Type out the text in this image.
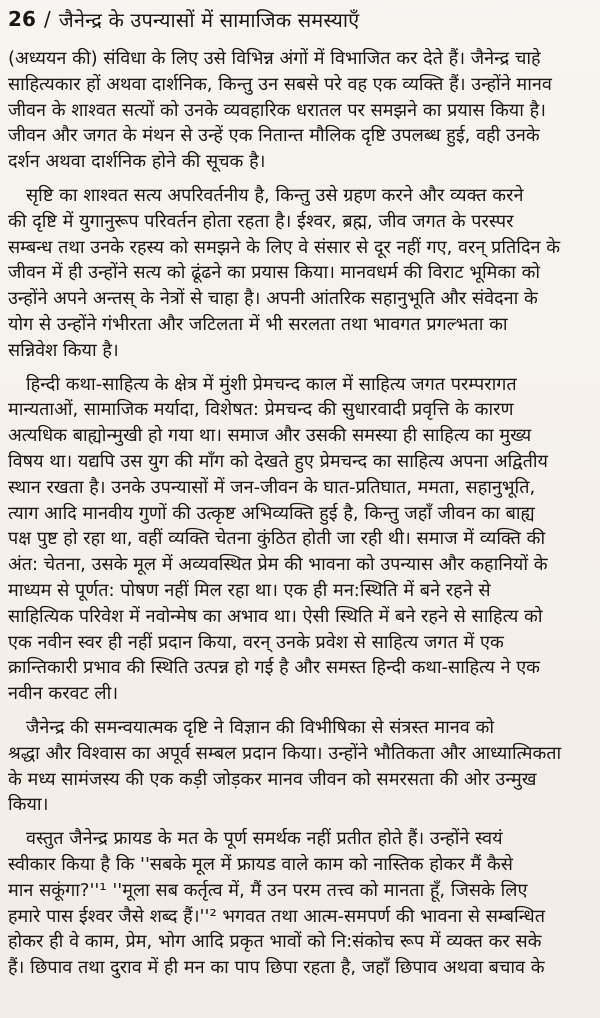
26 / जैनेन्द्र के उपन्यासों में सामाजिक समस्याएँ
(अध्ययन की) संविधा के लिए उसे विभिन्न अंगों में विभाजित कर देते हैं। जैनेन्द्र चाहे
साहित्यकार हों अथवा दार्शनिक, किन्तु उन सबसे परे वह एक व्यक्ति हैं। उन्होंने मानव
जीवन के शाश्वत सत्यों को उनके व्यवहारिक धरातल पर समझने का प्रयास किया है।
जीवन और जगत के मंथन से उन्हें एक नितान्त मौलिक दृष्टि उपलब्ध हुई, वही उनके
दर्शन अथवा दार्शनिक होने की सूचक है।
सृष्टि का शाश्वत सत्य अपरिवर्तनीय है, किन्तु उसे ग्रहण करने और व्यक्त करने
की दृष्टि में युगानुरूप परिवर्तन होता रहता है। ईश्वर, ब्रह्म, जीव जगत के परस्पर
सम्बन्ध तथा उनके रहस्य को समझने के लिए वे संसार से दूर नहीं गए, वरन् प्रतिदिन के
जीवन में ही उन्होंने सत्य को ढूंढने का प्रयास किया। मानवधर्म की विराट भूमिका को
उन्होंने अपने अन्तस् के नेत्रों से चाहा है। अपनी आंतरिक सहानुभूति और संवेदना के
योग से उन्होंने गंभीरता और जटिलता में भी सरलता तथा भावगत प्रगल्भता का
सन्निवेश किया है।
हिन्दी कथा-साहित्य के क्षेत्र में मुंशी प्रेमचन्द काल में साहित्य जगत परम्परागत
मान्यताओं, सामाजिक मर्यादा, विशेषत: प्रेमचन्द की सुधारवादी प्रवृत्ति के कारण
अत्यधिक बाह्योन्मुखी हो गया था। समाज और उसकी समस्या ही साहित्य का मुख्य
विषय था। यद्यपि उस युग की माँग को देखते हुए प्रेमचन्द का साहित्य अपना अद्वितीय
स्थान रखता है। उनके उपन्यासों में जन-जीवन के घात-प्रतिघात, ममता, सहानुभूति,
त्याग आदि मानवीय गुणों की उत्कृष्ट अभिव्यक्ति हुई है, किन्तु जहाँ जीवन का बाह्य
पक्ष पुष्ट हो रहा था, वहीं व्यक्ति चेतना कुंठित होती जा रही थी। समाज में व्यक्ति की
अंत: चेतना, उसके मूल में अव्यवस्थित प्रेम की भावना को उपन्यास और कहानियों के
माध्यम से पूर्णत: पोषण नहीं मिल रहा था। एक ही मन:स्थिति में बने रहने से
साहित्यिक परिवेश में नवोन्मेष का अभाव था। ऐसी स्थिति में बने रहने से साहित्य को
एक नवीन स्वर ही नहीं प्रदान किया, वरन् उनके प्रवेश से साहित्य जगत में एक
क्रान्तिकारी प्रभाव की स्थिति उत्पन्न हो गई है और समस्त हिन्दी कथा-साहित्य ने एक
नवीन करवट ली।
जैनेन्द्र की समन्वयात्मक दृष्टि ने विज्ञान की विभीषिका से संत्रस्त मानव को
श्रद्धा और विश्वास का अपूर्व सम्बल प्रदान किया। उन्होंने भौतिकता और आध्यात्मिकता
के मध्य सामंजस्य की एक कड़ी जोड़कर मानव जीवन को समरसता की ओर उन्मुख
किया।
वस्तुत जैनेन्द्र फ्रायड के मत के पूर्ण समर्थक नहीं प्रतीत होते हैं। उन्होंने स्वयं
स्वीकार किया है कि ''सबके मूल में फ्रायड वाले काम को नास्तिक होकर मैं कैसे
मान सकूंगा?''¹ ''मूला सब कर्तृत्व में, मैं उन परम तत्त्व को मानता हूँ, जिसके लिए
हमारे पास ईश्वर जैसे शब्द हैं।''² भगवत तथा आत्म-समपर्ण की भावना से सम्बन्धित
होकर ही वे काम, प्रेम, भोग आदि प्रकृत भावों को नि:संकोच रूप में व्यक्त कर सके
हैं। छिपाव तथा दुराव में ही मन का पाप छिपा रहता है, जहाँ छिपाव अथवा बचाव के
